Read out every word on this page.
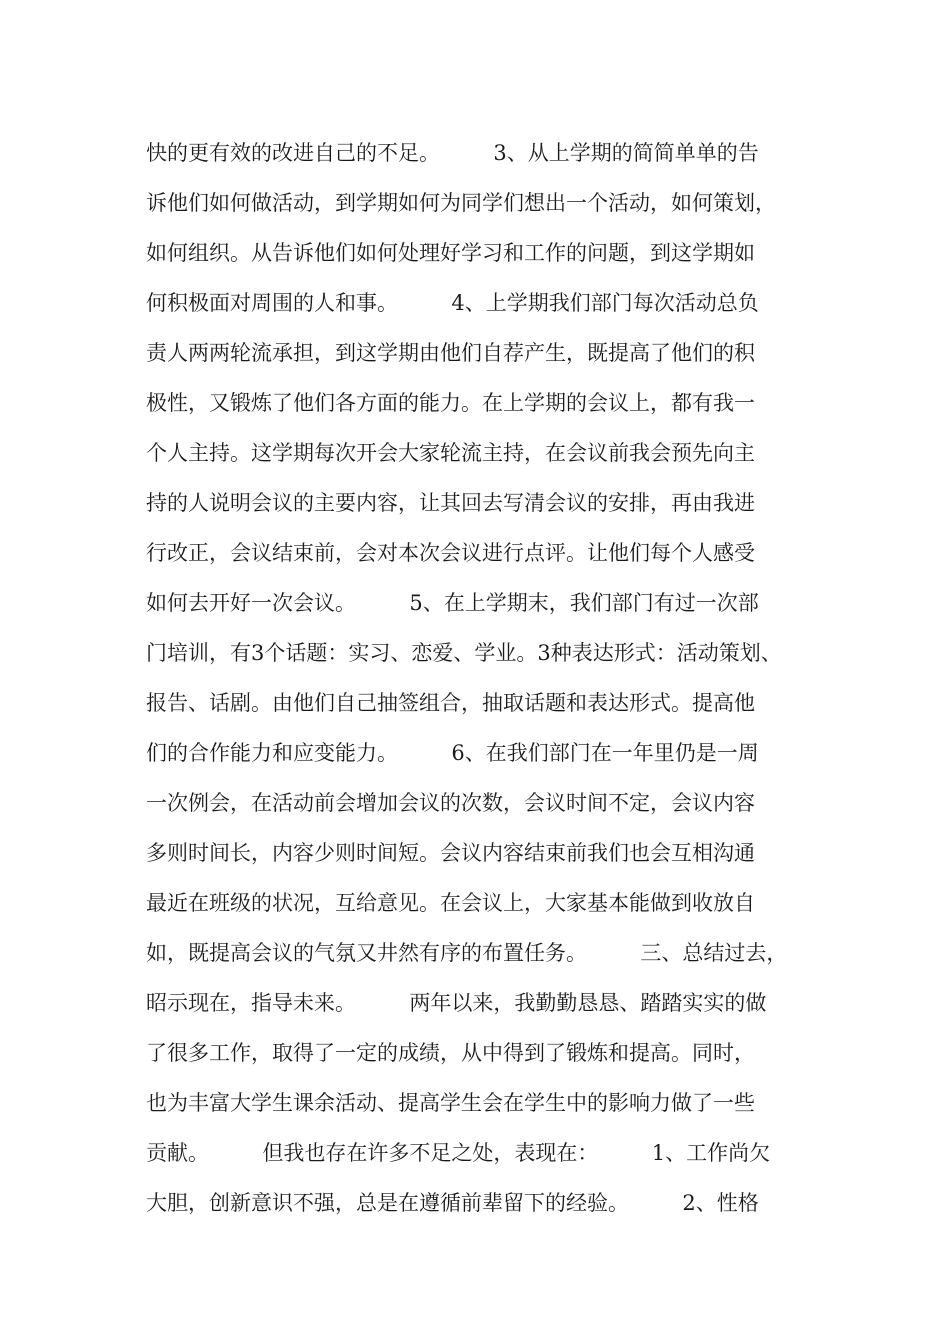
快的更有效的改进自己的不足。        3、从上学期的简简单单的告
诉他们如何做活动，到学期如何为同学们想出一个活动，如何策划，
如何组织。从告诉他们如何处理好学习和工作的问题，到这学期如
何积极面对周围的人和事。        4、上学期我们部门每次活动总负
责人两两轮流承担，到这学期由他们自荐产生，既提高了他们的积
极性，又锻炼了他们各方面的能力。在上学期的会议上，都有我一
个人主持。这学期每次开会大家轮流主持，在会议前我会预先向主
持的人说明会议的主要内容，让其回去写清会议的安排，再由我进
行改正，会议结束前，会对本次会议进行点评。让他们每个人感受
如何去开好一次会议。        5、在上学期末，我们部门有过一次部
门培训，有3个话题：实习、恋爱、学业。3种表达形式：活动策划、
报告、话剧。由他们自己抽签组合，抽取话题和表达形式。提高他
们的合作能力和应变能力。        6、在我们部门在一年里仍是一周
一次例会，在活动前会增加会议的次数，会议时间不定，会议内容
多则时间长，内容少则时间短。会议内容结束前我们也会互相沟通
最近在班级的状况，互给意见。在会议上，大家基本能做到收放自
如，既提高会议的气氛又井然有序的布置任务。        三、总结过去，
昭示现在，指导未来。        两年以来，我勤勤恳恳、踏踏实实的做
了很多工作，取得了一定的成绩，从中得到了锻炼和提高。同时，
也为丰富大学生课余活动、提高学生会在学生中的影响力做了一些
贡献。        但我也存在许多不足之处，表现在：        1、工作尚欠
大胆，创新意识不强，总是在遵循前辈留下的经验。        2、性格
